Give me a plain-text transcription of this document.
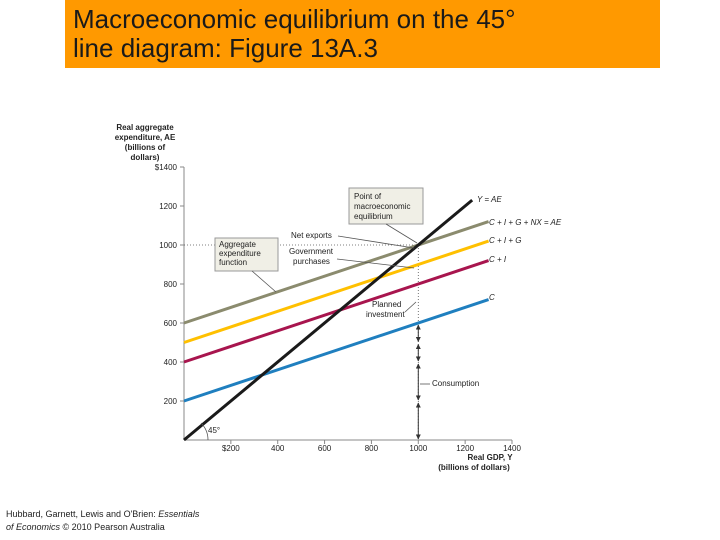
Macroeconomic equilibrium on the 45°
line diagram: Figure 13A.3
200
400
600
800
1000
1200
$1400
$200	400	600	800	1000	1200	1400
Real aggregate
expenditure, AE
(billions of
dollars)
Real GDP, Y
(billions of dollars)
C
C + I
C + I + G
C + I + G + NX = AE
Y = AE
45°
Point of
macroeconomic
equilibrium
Aggregate
expenditure
function
Net exports
Government
purchases
Planned
investment
Consumption
Hubbard, Garnett, Lewis and O'Brien: Essentials
of Economics © 2010 Pearson Australia
